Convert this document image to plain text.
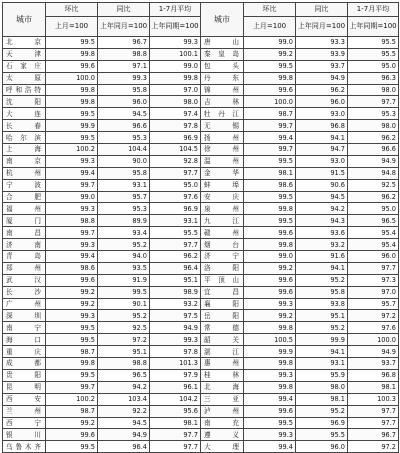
城市	环比	同比	1-7月平均	城市	环比	同比	1-7月平均
	上月=100	上年同月=100	上年同期=100		上月=100	上年同月=100	上年同期=100
北 京	99.5	96.7	99.3	唐 山	99.0	93.3	95.5
天 津	99.8	98.8	100.1	秦皇岛	99.2	93.9	95.5
石家庄	99.6	97.1	99.0	包 头	99.5	93.7	95.0
太 原	100.0	99.3	99.8	丹 东	99.8	94.9	96.3
呼和浩特	99.8	95.8	97.0	锦 州	99.6	96.2	98.0
沈 阳	99.8	96.0	98.0	吉 林	100.0	96.0	97.7
大 连	99.5	94.5	97.4	牡丹江	98.7	93.0	95.3
长 春	99.9	96.6	97.8	无 锡	99.7	96.8	98.0
哈尔滨	99.5	95.3	96.9	扬 州	99.4	94.1	96.2
上 海	100.2	104.4	104.5	徐 州	99.7	94.7	96.6
南 京	99.3	90.0	92.8	温 州	99.5	93.0	94.9
杭 州	99.4	95.8	97.7	金 华	98.1	91.5	94.8
宁 波	99.7	93.1	95.0	蚌 埠	98.6	90.6	92.5
合 肥	99.0	95.7	97.6	安 庆	99.5	94.5	96.2
福 州	99.3	95.3	96.9	泉 州	99.8	94.2	95.0
厦 门	98.8	89.9	93.1	九 江	99.5	94.3	96.5
南 昌	99.7	93.4	95.5	赣 州	99.6	93.6	95.4
济 南	99.3	95.2	97.7	烟 台	99.8	93.2	95.4
青 岛	99.4	94.0	96.2	济 宁	99.0	91.6	96.0
郑 州	98.6	93.5	96.4	洛 阳	99.2	94.1	97.7
武 汉	99.6	91.9	95.1	平顶山	99.6	95.2	97.3
长 沙	99.2	99.5	98.9	宜 昌	99.6	95.8	97.0
广 州	99.2	90.1	93.2	襄 阳	99.3	93.8	95.7
深 圳	99.3	95.2	97.5	岳 阳	99.2	95.1	97.2
南 宁	99.5	92.5	94.9	常 德	99.8	95.2	97.6
海 口	99.5	97.2	99.3	韶 关	100.5	99.9	100.0
重 庆	98.7	95.1	97.8	湛 江	99.9	94.1	94.9
成 都	99.8	98.8	101.3	惠 州	99.8	93.1	93.7
贵 阳	99.5	96.5	97.9	桂 林	99.3	95.9	96.8
昆 明	99.7	94.2	96.1	北 海	99.8	98.0	98.1
西 安	100.2	103.4	104.2	三 亚	99.4	98.1	100.3
兰 州	98.7	92.2	95.6	泸 州	99.6	95.2	97.7
西 宁	99.2	94.5	98.1	南 充	99.5	96.9	97.7
银 川	99.6	94.9	97.7	遵 义	99.3	95.5	96.7
乌鲁木齐	99.5	96.4	97.7	大 理	99.4	96.0	97.2
